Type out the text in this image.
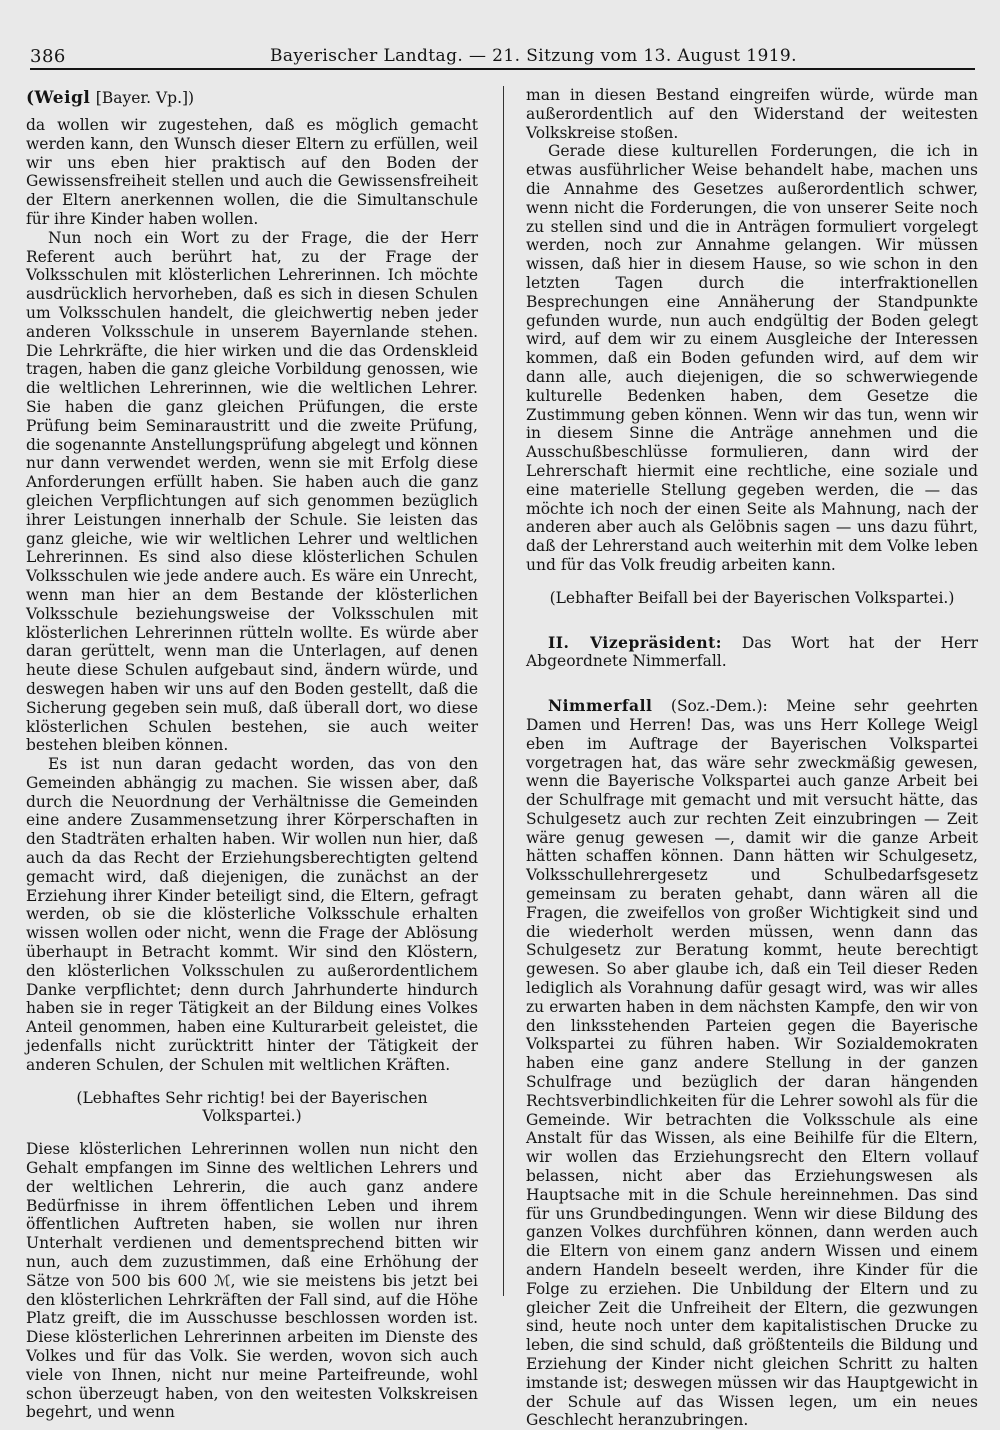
386	Bayerischer Landtag. — 21. Sitzung vom 13. August 1919.
(Weigl [Bayer. Vp.])

da wollen wir zugestehen, daß es möglich gemacht werden kann, den Wunsch dieser Eltern zu erfüllen, weil wir uns eben hier praktisch auf den Boden der Gewissensfreiheit stellen und auch die Gewissensfreiheit der Eltern anerkennen wollen, die die Simultanschule für ihre Kinder haben wollen.

Nun noch ein Wort zu der Frage, die der Herr Referent auch berührt hat, zu der Frage der Volksschulen mit klösterlichen Lehrerinnen. Ich möchte ausdrücklich hervorheben, daß es sich in diesen Schulen um Volksschulen handelt, die gleichwertig neben jeder anderen Volksschule in unserem Bayernlande stehen. Die Lehrkräfte, die hier wirken und die das Ordenskleid tragen, haben die ganz gleiche Vorbildung genossen, wie die weltlichen Lehrerinnen, wie die weltlichen Lehrer. Sie haben die ganz gleichen Prüfungen, die erste Prüfung beim Seminaraustritt und die zweite Prüfung, die sogenannte Anstellungsprüfung abgelegt und können nur dann verwendet werden, wenn sie mit Erfolg diese Anforderungen erfüllt haben. Sie haben auch die ganz gleichen Verpflichtungen auf sich genommen bezüglich ihrer Leistungen innerhalb der Schule. Sie leisten das ganz gleiche, wie wir weltlichen Lehrer und weltlichen Lehrerinnen. Es sind also diese klösterlichen Schulen Volksschulen wie jede andere auch. Es wäre ein Unrecht, wenn man hier an dem Bestande der klösterlichen Volksschule beziehungsweise der Volksschulen mit klösterlichen Lehrerinnen rütteln wollte. Es würde aber daran gerüttelt, wenn man die Unterlagen, auf denen heute diese Schulen aufgebaut sind, ändern würde, und deswegen haben wir uns auf den Boden gestellt, daß die Sicherung gegeben sein muß, daß überall dort, wo diese klösterlichen Schulen bestehen, sie auch weiter bestehen bleiben können.

Es ist nun daran gedacht worden, das von den Gemeinden abhängig zu machen. Sie wissen aber, daß durch die Neuordnung der Verhältnisse die Gemeinden eine andere Zusammensetzung ihrer Körperschaften in den Stadträten erhalten haben. Wir wollen nun hier, daß auch da das Recht der Erziehungsberechtigten geltend gemacht wird, daß diejenigen, die zunächst an der Erziehung ihrer Kinder beteiligt sind, die Eltern, gefragt werden, ob sie die klösterliche Volksschule erhalten wissen wollen oder nicht, wenn die Frage der Ablösung überhaupt in Betracht kommt. Wir sind den Klöstern, den klösterlichen Volksschulen zu außerordentlichem Danke verpflichtet; denn durch Jahrhunderte hindurch haben sie in reger Tätigkeit an der Bildung eines Volkes Anteil genommen, haben eine Kulturarbeit geleistet, die jedenfalls nicht zurücktritt hinter der Tätigkeit der anderen Schulen, der Schulen mit weltlichen Kräften.

(Lebhaftes Sehr richtig! bei der Bayerischen Volkspartei.)

Diese klösterlichen Lehrerinnen wollen nun nicht den Gehalt empfangen im Sinne des weltlichen Lehrers und der weltlichen Lehrerin, die auch ganz andere Bedürfnisse in ihrem öffentlichen Leben und ihrem öffentlichen Auftreten haben, sie wollen nur ihren Unterhalt verdienen und dementsprechend bitten wir nun, auch dem zuzustimmen, daß eine Erhöhung der Sätze von 500 bis 600 ℳ, wie sie meistens bis jetzt bei den klösterlichen Lehrkräften der Fall sind, auf die Höhe Platz greift, die im Ausschusse beschlossen worden ist. Diese klösterlichen Lehrerinnen arbeiten im Dienste des Volkes und für das Volk. Sie werden, wovon sich auch viele von Ihnen, nicht nur meine Parteifreunde, wohl schon überzeugt haben, von den weitesten Volkskreisen begehrt, und wenn

man in diesen Bestand eingreifen würde, würde man außerordentlich auf den Widerstand der weitesten Volkskreise stoßen.

Gerade diese kulturellen Forderungen, die ich in etwas ausführlicher Weise behandelt habe, machen uns die Annahme des Gesetzes außerordentlich schwer, wenn nicht die Forderungen, die von unserer Seite noch zu stellen sind und die in Anträgen formuliert vorgelegt werden, noch zur Annahme gelangen. Wir müssen wissen, daß hier in diesem Hause, so wie schon in den letzten Tagen durch die interfraktionellen Besprechungen eine Annäherung der Standpunkte gefunden wurde, nun auch endgültig der Boden gelegt wird, auf dem wir zu einem Ausgleiche der Interessen kommen, daß ein Boden gefunden wird, auf dem wir dann alle, auch diejenigen, die so schwerwiegende kulturelle Bedenken haben, dem Gesetze die Zustimmung geben können. Wenn wir das tun, wenn wir in diesem Sinne die Anträge annehmen und die Ausschußbeschlüsse formulieren, dann wird der Lehrerschaft hiermit eine rechtliche, eine soziale und eine materielle Stellung gegeben werden, die — das möchte ich noch der einen Seite als Mahnung, nach der anderen aber auch als Gelöbnis sagen — uns dazu führt, daß der Lehrerstand auch weiterhin mit dem Volke leben und für das Volk freudig arbeiten kann.

(Lebhafter Beifall bei der Bayerischen Volkspartei.)

II. Vizepräsident: Das Wort hat der Herr Abgeordnete Nimmerfall.

Nimmerfall (Soz.-Dem.): Meine sehr geehrten Damen und Herren! Das, was uns Herr Kollege Weigl eben im Auftrage der Bayerischen Volkspartei vorgetragen hat, das wäre sehr zweckmäßig gewesen, wenn die Bayerische Volkspartei auch ganze Arbeit bei der Schulfrage mit gemacht und mit versucht hätte, das Schulgesetz auch zur rechten Zeit einzubringen — Zeit wäre genug gewesen —, damit wir die ganze Arbeit hätten schaffen können. Dann hätten wir Schulgesetz, Volksschullehrergesetz und Schulbedarfsgesetz gemeinsam zu beraten gehabt, dann wären all die Fragen, die zweifellos von großer Wichtigkeit sind und die wiederholt werden müssen, wenn dann das Schulgesetz zur Beratung kommt, heute berechtigt gewesen. So aber glaube ich, daß ein Teil dieser Reden lediglich als Vorahnung dafür gesagt wird, was wir alles zu erwarten haben in dem nächsten Kampfe, den wir von den linksstehenden Parteien gegen die Bayerische Volkspartei zu führen haben. Wir Sozialdemokraten haben eine ganz andere Stellung in der ganzen Schulfrage und bezüglich der daran hängenden Rechtsverbindlichkeiten für die Lehrer sowohl als für die Gemeinde. Wir betrachten die Volksschule als eine Anstalt für das Wissen, als eine Beihilfe für die Eltern, wir wollen das Erziehungsrecht den Eltern vollauf belassen, nicht aber das Erziehungswesen als Hauptsache mit in die Schule hereinnehmen. Das sind für uns Grundbedingungen. Wenn wir diese Bildung des ganzen Volkes durchführen können, dann werden auch die Eltern von einem ganz andern Wissen und einem andern Handeln beseelt werden, ihre Kinder für die Folge zu erziehen. Die Unbildung der Eltern und zu gleicher Zeit die Unfreiheit der Eltern, die gezwungen sind, heute noch unter dem kapitalistischen Drucke zu leben, die sind schuld, daß größtenteils die Bildung und Erziehung der Kinder nicht gleichen Schritt zu halten imstande ist; deswegen müssen wir das Hauptgewicht in der Schule auf das Wissen legen, um ein neues Geschlecht heranzubringen.
